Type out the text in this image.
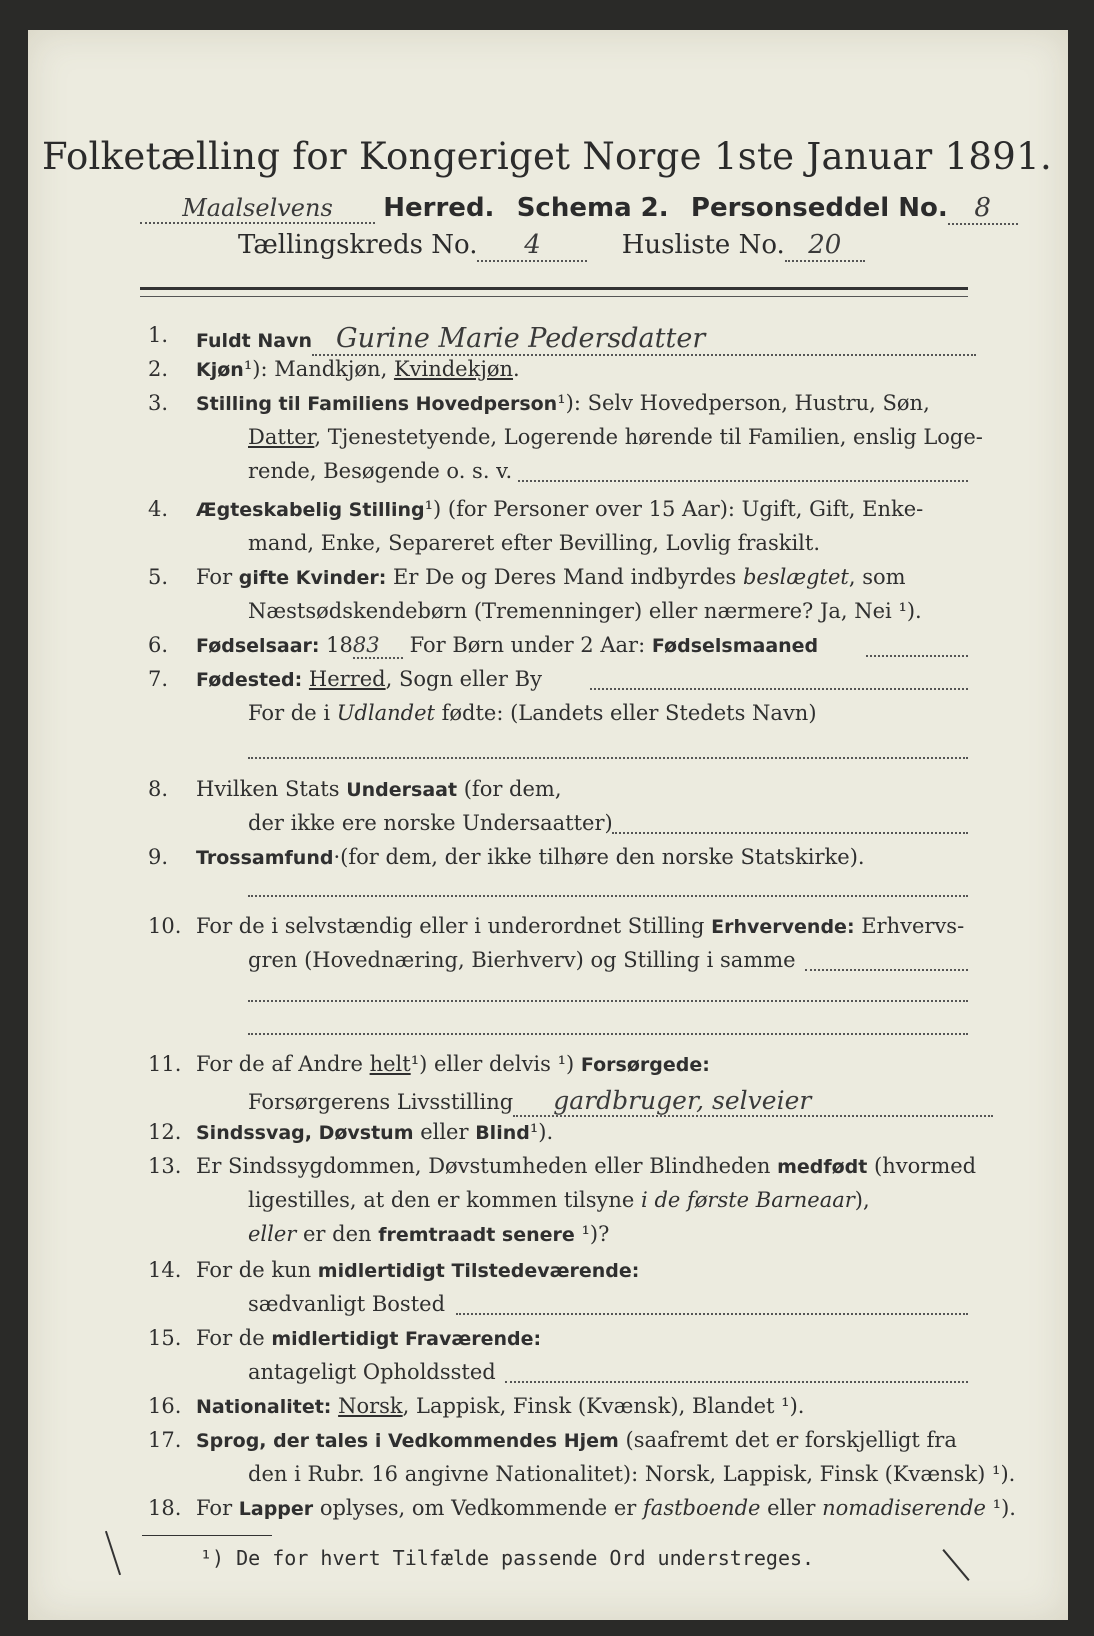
Folketælling for Kongeriget Norge 1ste Januar 1891.
Maalselvens Herred. Schema 2. Personseddel No. 8
Tællingskreds No. 4	Husliste No. 20
1. Fuldt Navn Gurine Marie Pedersdatter
2. Kjøn¹): Mandkjøn, Kvindekjøn.
3. Stilling til Familiens Hovedperson¹): Selv Hovedperson, Hustru, Søn,
Datter, Tjenestetyende, Logerende hørende til Familien, enslig Loge-
rende, Besøgende o. s. v.
4. Ægteskabelig Stilling¹) (for Personer over 15 Aar): Ugift, Gift, Enke-
mand, Enke, Separeret efter Bevilling, Lovlig fraskilt.
5. For gifte Kvinder: Er De og Deres Mand indbyrdes beslægtet, som
Næstsødskendebørn (Tremenninger) eller nærmere? Ja, Nei ¹).
6. Fødselsaar: 1883 For Børn under 2 Aar: Fødselsmaaned
7. Fødested: Herred, Sogn eller By
For de i Udlandet fødte: (Landets eller Stedets Navn)
8. Hvilken Stats Undersaat (for dem,
der ikke ere norske Undersaatter)
9. Trossamfund·(for dem, der ikke tilhøre den norske Statskirke).
10. For de i selvstændig eller i underordnet Stilling Erhvervende: Erhvervs-
gren (Hovednæring, Bierhverv) og Stilling i samme
11. For de af Andre helt¹) eller delvis ¹) Forsørgede:
Forsørgerens Livsstilling gardbruger, selveier
12. Sindssvag, Døvstum eller Blind¹).
13. Er Sindssygdommen, Døvstumheden eller Blindheden medfødt (hvormed
ligestilles, at den er kommen tilsyne i de første Barneaar),
eller er den fremtraadt senere ¹)?
14. For de kun midlertidigt Tilstedeværende:
sædvanligt Bosted
15. For de midlertidigt Fraværende:
antageligt Opholdssted
16. Nationalitet: Norsk, Lappisk, Finsk (Kvænsk), Blandet ¹).
17. Sprog, der tales i Vedkommendes Hjem (saafremt det er forskjelligt fra
den i Rubr. 16 angivne Nationalitet): Norsk, Lappisk, Finsk (Kvænsk) ¹).
18. For Lapper oplyses, om Vedkommende er fastboende eller nomadiserende ¹).
¹) De for hvert Tilfælde passende Ord understreges.
